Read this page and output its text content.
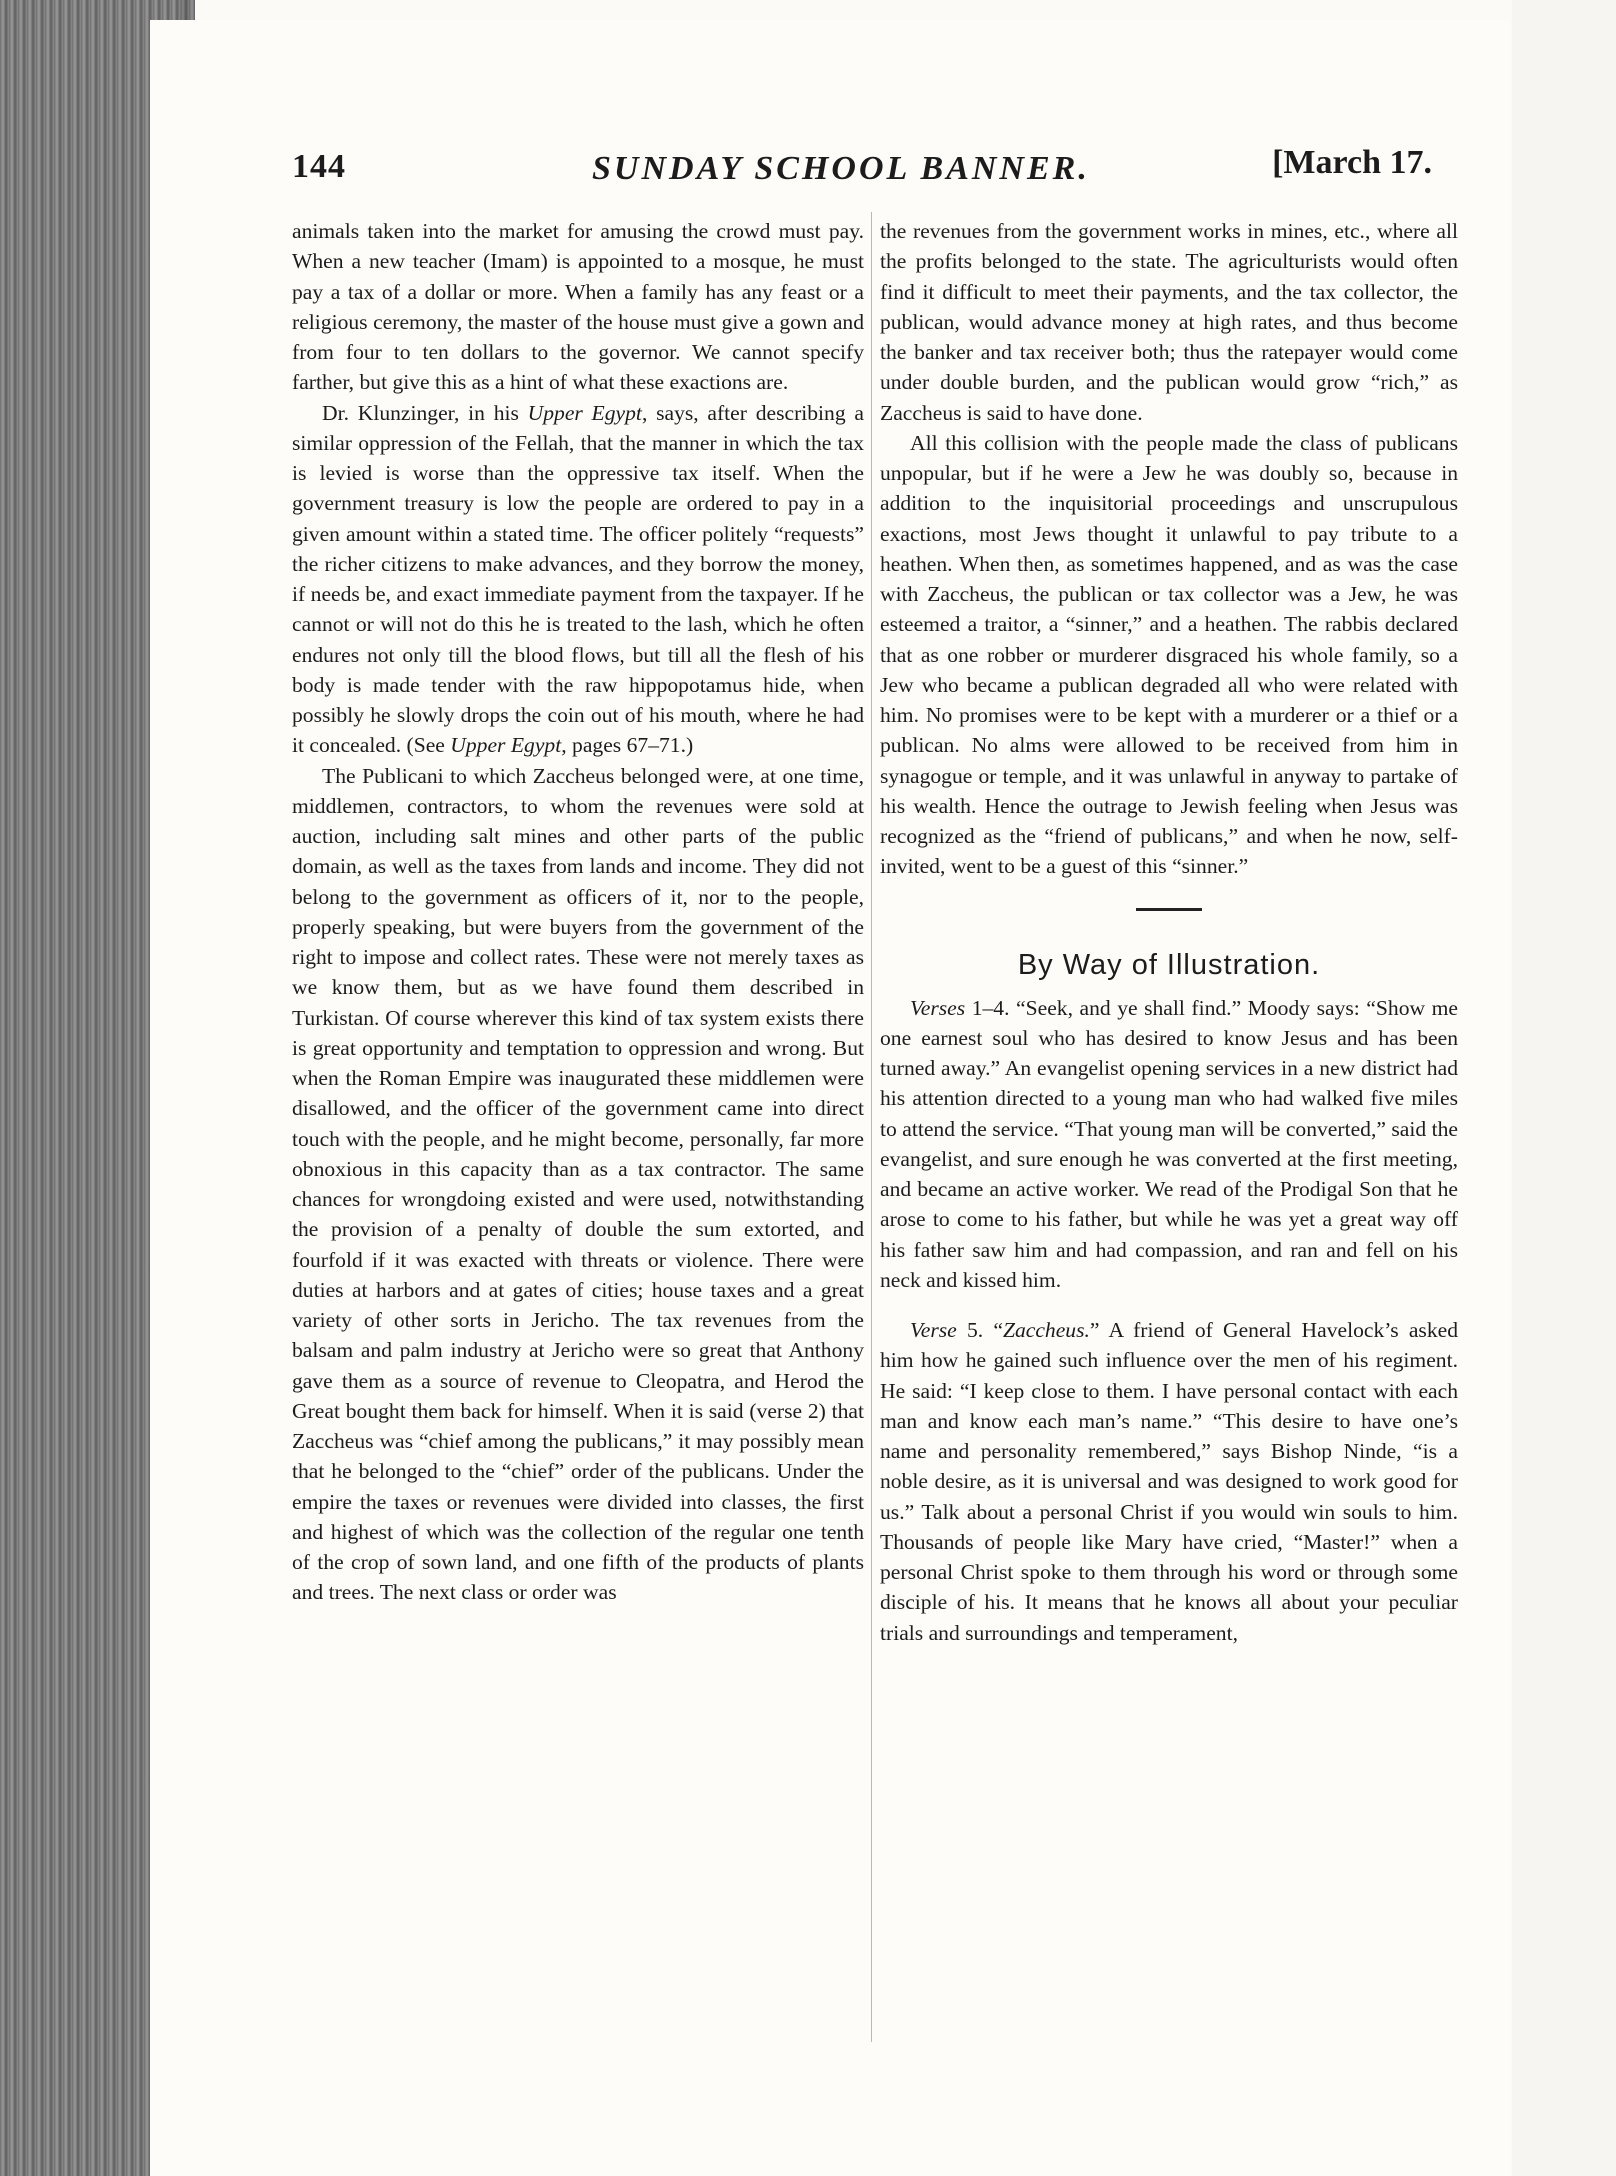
144	SUNDAY SCHOOL BANNER.	[March 17.

animals taken into the market for amusing the crowd must pay. When a new teacher (Imam) is appointed to a mosque, he must pay a tax of a dollar or more. When a family has any feast or a religious ceremony, the master of the house must give a gown and from four to ten dollars to the governor. We cannot specify farther, but give this as a hint of what these exactions are.

Dr. Klunzinger, in his Upper Egypt, says, after describing a similar oppression of the Fellah, that the manner in which the tax is levied is worse than the oppressive tax itself. When the government treasury is low the people are ordered to pay in a given amount within a stated time. The officer politely “requests” the richer citizens to make advances, and they borrow the money, if needs be, and exact immediate payment from the taxpayer. If he cannot or will not do this he is treated to the lash, which he often endures not only till the blood flows, but till all the flesh of his body is made tender with the raw hippopotamus hide, when possibly he slowly drops the coin out of his mouth, where he had it concealed. (See Upper Egypt, pages 67–71.)

The Publicani to which Zaccheus belonged were, at one time, middlemen, contractors, to whom the revenues were sold at auction, including salt mines and other parts of the public domain, as well as the taxes from lands and income. They did not belong to the government as officers of it, nor to the people, properly speaking, but were buyers from the government of the right to impose and collect rates. These were not merely taxes as we know them, but as we have found them described in Turkistan. Of course wherever this kind of tax system exists there is great opportunity and temptation to oppression and wrong. But when the Roman Empire was inaugurated these middlemen were disallowed, and the officer of the government came into direct touch with the people, and he might become, personally, far more obnoxious in this capacity than as a tax contractor. The same chances for wrongdoing existed and were used, notwithstanding the provision of a penalty of double the sum extorted, and fourfold if it was exacted with threats or violence. There were duties at harbors and at gates of cities; house taxes and a great variety of other sorts in Jericho. The tax revenues from the balsam and palm industry at Jericho were so great that Anthony gave them as a source of revenue to Cleopatra, and Herod the Great bought them back for himself. When it is said (verse 2) that Zaccheus was “chief among the publicans,” it may possibly mean that he belonged to the “chief” order of the publicans. Under the empire the taxes or revenues were divided into classes, the first and highest of which was the collection of the regular one tenth of the crop of sown land, and one fifth of the products of plants and trees. The next class or order was

the revenues from the government works in mines, etc., where all the profits belonged to the state. The agriculturists would often find it difficult to meet their payments, and the tax collector, the publican, would advance money at high rates, and thus become the banker and tax receiver both; thus the ratepayer would come under double burden, and the publican would grow “rich,” as Zaccheus is said to have done.

All this collision with the people made the class of publicans unpopular, but if he were a Jew he was doubly so, because in addition to the inquisitorial proceedings and unscrupulous exactions, most Jews thought it unlawful to pay tribute to a heathen. When then, as sometimes happened, and as was the case with Zaccheus, the publican or tax collector was a Jew, he was esteemed a traitor, a “sinner,” and a heathen. The rabbis declared that as one robber or murderer disgraced his whole family, so a Jew who became a publican degraded all who were related with him. No promises were to be kept with a murderer or a thief or a publican. No alms were allowed to be received from him in synagogue or temple, and it was unlawful in anyway to partake of his wealth. Hence the outrage to Jewish feeling when Jesus was recognized as the “friend of publicans,” and when he now, self-invited, went to be a guest of this “sinner.”

By Way of Illustration.

Verses 1–4. “Seek, and ye shall find.” Moody says: “Show me one earnest soul who has desired to know Jesus and has been turned away.” An evangelist opening services in a new district had his attention directed to a young man who had walked five miles to attend the service. “That young man will be converted,” said the evangelist, and sure enough he was converted at the first meeting, and became an active worker. We read of the Prodigal Son that he arose to come to his father, but while he was yet a great way off his father saw him and had compassion, and ran and fell on his neck and kissed him.

Verse 5. “Zaccheus.” A friend of General Havelock’s asked him how he gained such influence over the men of his regiment. He said: “I keep close to them. I have personal contact with each man and know each man’s name.” “This desire to have one’s name and personality remembered,” says Bishop Ninde, “is a noble desire, as it is universal and was designed to work good for us.” Talk about a personal Christ if you would win souls to him. Thousands of people like Mary have cried, “Master!” when a personal Christ spoke to them through his word or through some disciple of his. It means that he knows all about your peculiar trials and surroundings and temperament,
